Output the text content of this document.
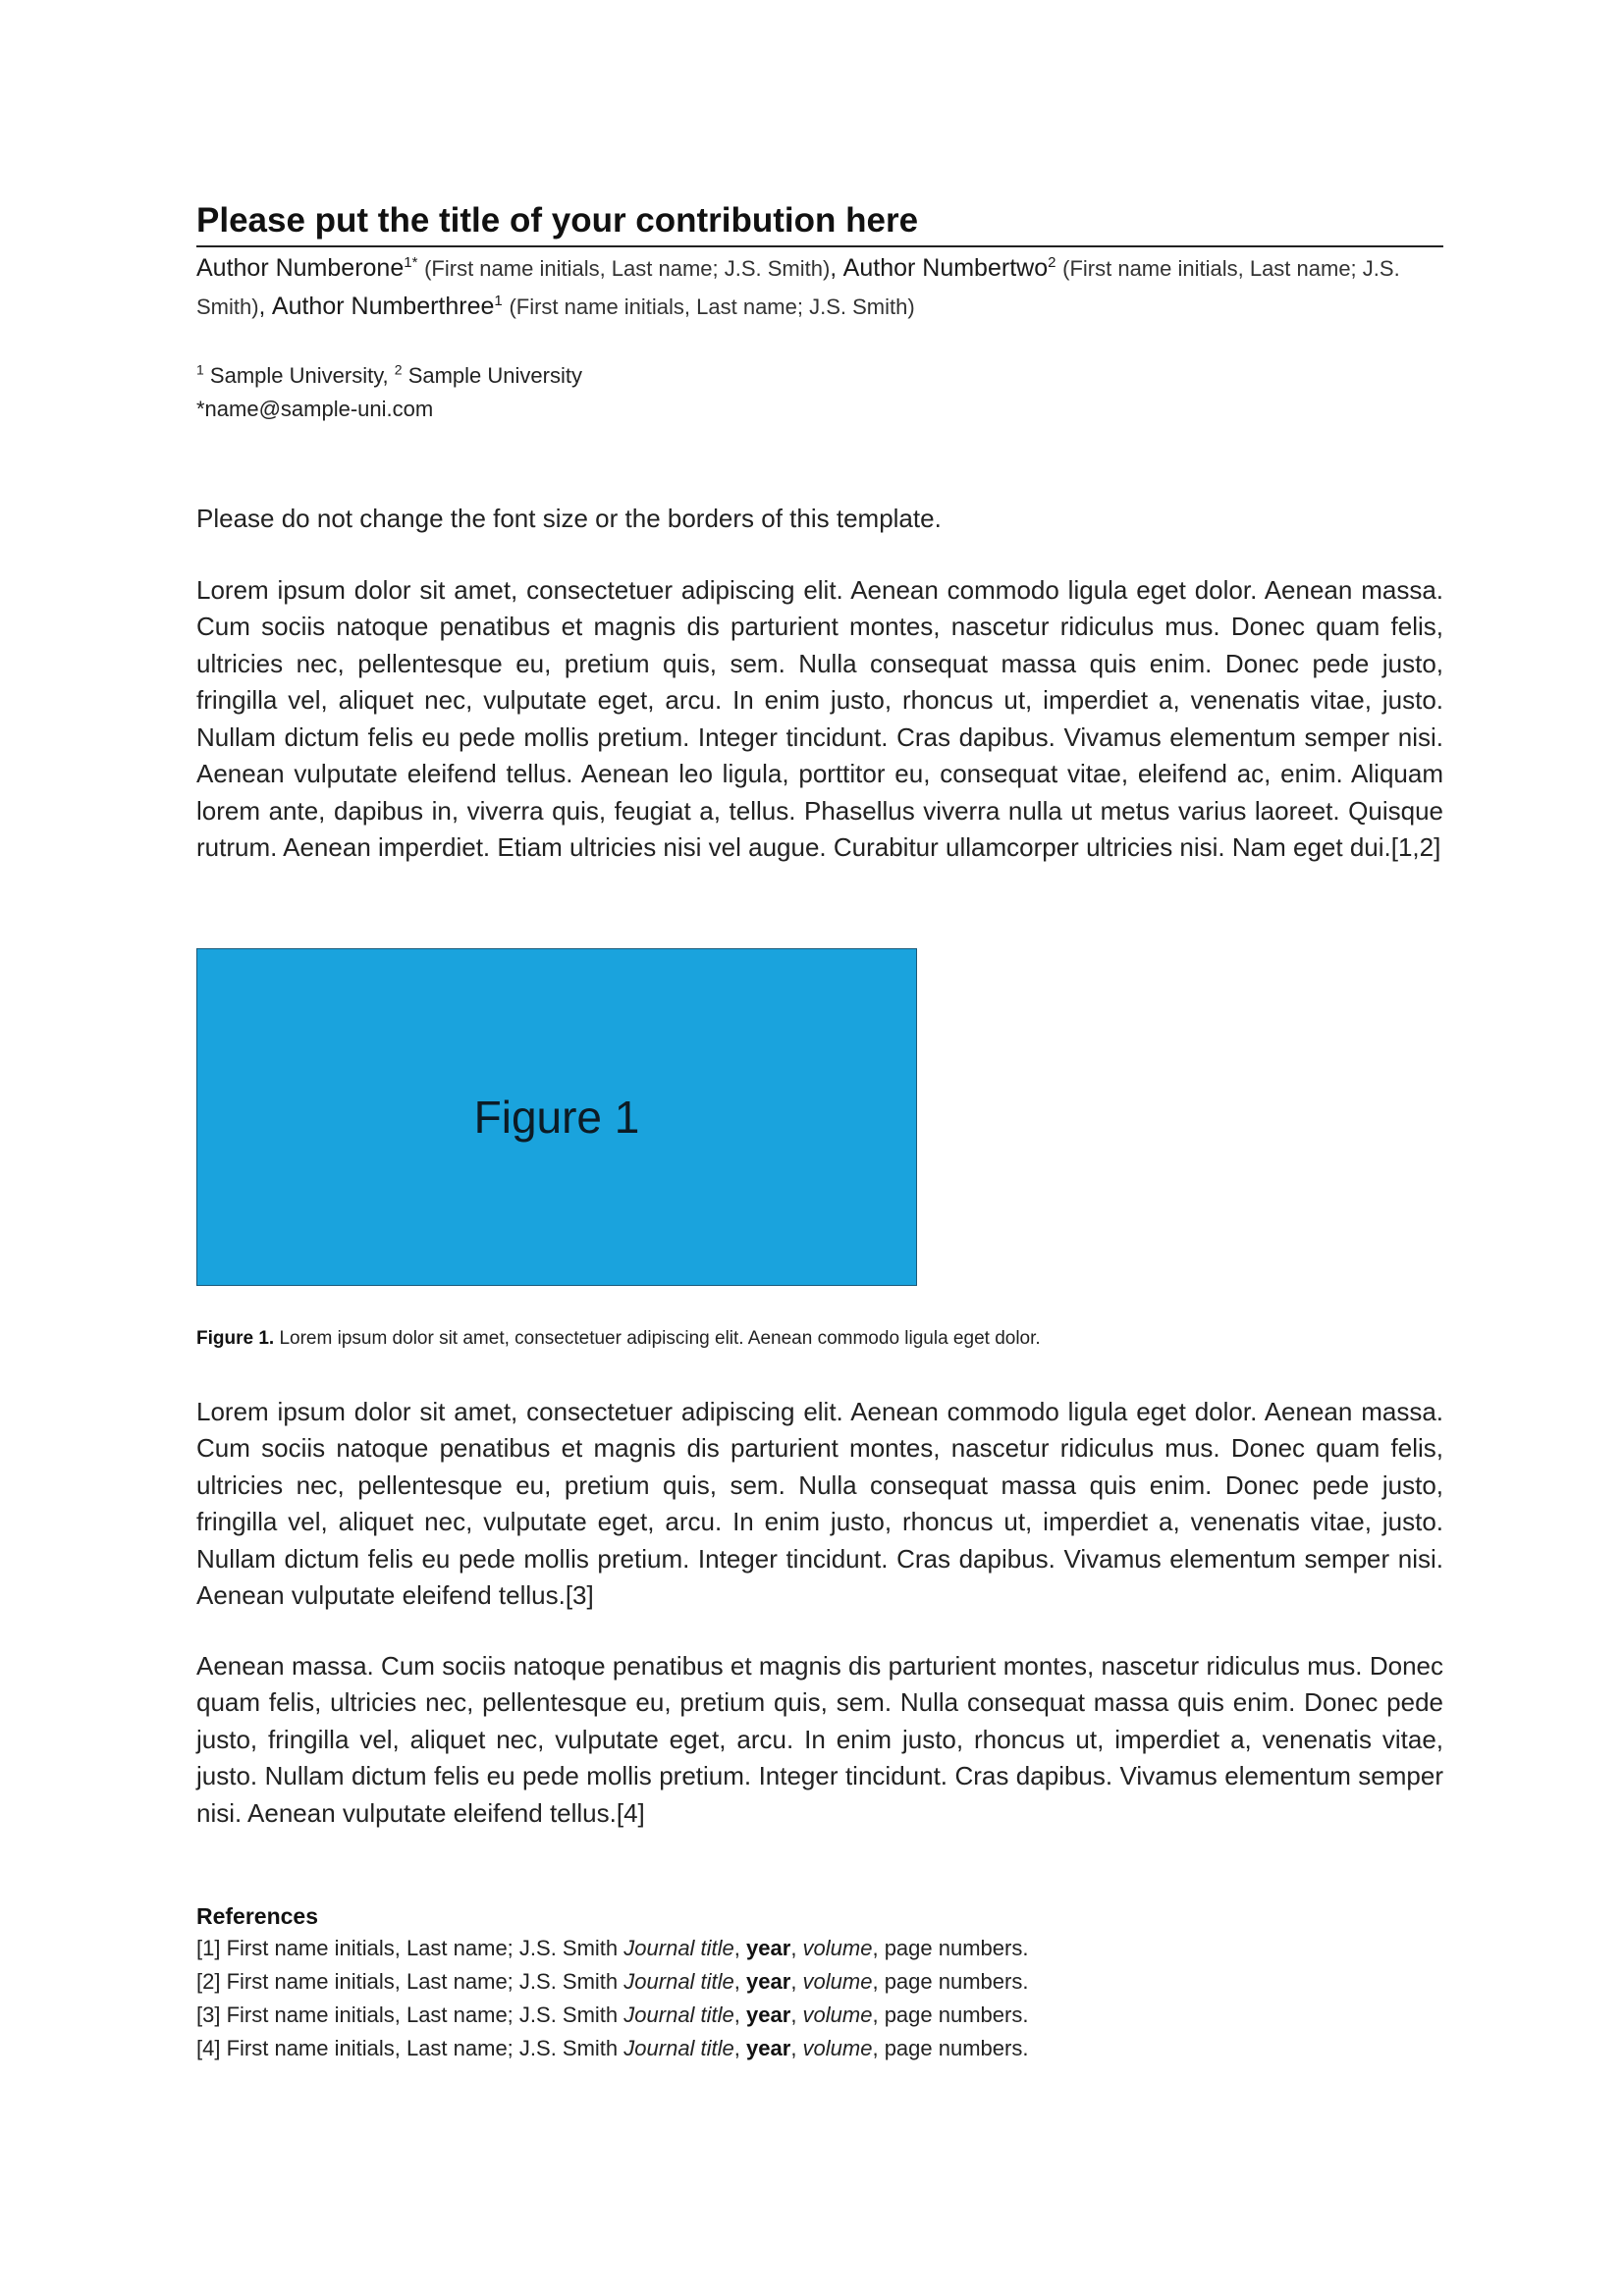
Please put the title of your contribution here
Author Numberone$^{1*}$ (First name initials, Last name; J.S. Smith), Author Numbertwo$^2$ (First name initials, Last name; J.S. Smith), Author Numberthree$^1$ (First name initials, Last name; J.S. Smith)
$^1$ Sample University, $^2$ Sample University
*name@sample-uni.com

Please do not change the font size or the borders of this template.

Lorem ipsum dolor sit amet, consectetuer adipiscing elit. Aenean commodo ligula eget dolor. Aenean massa. Cum sociis natoque penatibus et magnis dis parturient montes, nascetur ridiculus mus. Donec quam felis, ultricies nec, pellentesque eu, pretium quis, sem. Nulla consequat massa quis enim. Donec pede justo, fringilla vel, aliquet nec, vulputate eget, arcu. In enim justo, rhoncus ut, imperdiet a, venenatis vitae, justo. Nullam dictum felis eu pede mollis pretium. Integer tincidunt. Cras dapibus. Vivamus elementum semper nisi. Aenean vulputate eleifend tellus. Aenean leo ligula, porttitor eu, consequat vitae, eleifend ac, enim. Aliquam lorem ante, dapibus in, viverra quis, feugiat a, tellus. Phasellus viverra nulla ut metus varius laoreet. Quisque rutrum. Aenean imperdiet. Etiam ultricies nisi vel augue. Curabitur ullamcorper ultricies nisi. Nam eget dui.[1,2]

Figure 1
Figure 1. Lorem ipsum dolor sit amet, consectetuer adipiscing elit. Aenean commodo ligula eget dolor.

Lorem ipsum dolor sit amet, consectetuer adipiscing elit. Aenean commodo ligula eget dolor. Aenean massa. Cum sociis natoque penatibus et magnis dis parturient montes, nascetur ridiculus mus. Donec quam felis, ultricies nec, pellentesque eu, pretium quis, sem. Nulla consequat massa quis enim. Donec pede justo, fringilla vel, aliquet nec, vulputate eget, arcu. In enim justo, rhoncus ut, imperdiet a, venenatis vitae, justo. Nullam dictum felis eu pede mollis pretium. Integer tincidunt. Cras dapibus. Vivamus elementum semper nisi. Aenean vulputate eleifend tellus.[3]

Aenean massa. Cum sociis natoque penatibus et magnis dis parturient montes, nascetur ridiculus mus. Donec quam felis, ultricies nec, pellentesque eu, pretium quis, sem. Nulla consequat massa quis enim. Donec pede justo, fringilla vel, aliquet nec, vulputate eget, arcu. In enim justo, rhoncus ut, imperdiet a, venenatis vitae, justo. Nullam dictum felis eu pede mollis pretium. Integer tincidunt. Cras dapibus. Vivamus elementum semper nisi. Aenean vulputate eleifend tellus.[4]

References
[1] First name initials, Last name; J.S. Smith Journal title, year, volume, page numbers.
[2] First name initials, Last name; J.S. Smith Journal title, year, volume, page numbers.
[3] First name initials, Last name; J.S. Smith Journal title, year, volume, page numbers.
[4] First name initials, Last name; J.S. Smith Journal title, year, volume, page numbers.
